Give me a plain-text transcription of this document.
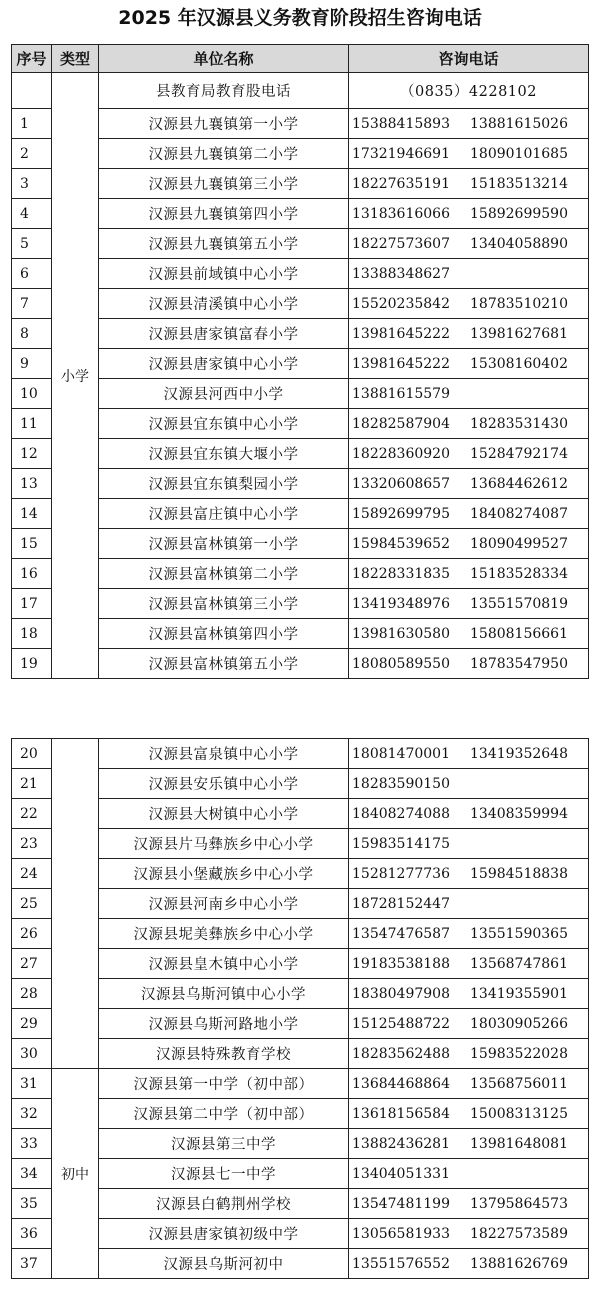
2025 年汉源县义务教育阶段招生咨询电话
序号	类型	单位名称	咨询电话
	小学	县教育局教育股电话	（0835）4228102
1		汉源县九襄镇第一小学	15388415893 13881615026
2		汉源县九襄镇第二小学	17321946691 18090101685
3		汉源县九襄镇第三小学	18227635191 15183513214
4		汉源县九襄镇第四小学	13183616066 15892699590
5		汉源县九襄镇第五小学	18227573607 13404058890
6		汉源县前域镇中心小学	13388348627
7		汉源县清溪镇中心小学	15520235842 18783510210
8		汉源县唐家镇富春小学	13981645222 13981627681
9		汉源县唐家镇中心小学	13981645222 15308160402
10		汉源县河西中小学	13881615579
11		汉源县宜东镇中心小学	18282587904 18283531430
12		汉源县宜东镇大堰小学	18228360920 15284792174
13		汉源县宜东镇梨园小学	13320608657 13684462612
14		汉源县富庄镇中心小学	15892699795 18408274087
15		汉源县富林镇第一小学	15984539652 18090499527
16		汉源县富林镇第二小学	18228331835 15183528334
17		汉源县富林镇第三小学	13419348976 13551570819
18		汉源县富林镇第四小学	13981630580 15808156661
19		汉源县富林镇第五小学	18080589550 18783547950
20		汉源县富泉镇中心小学	18081470001 13419352648
21		汉源县安乐镇中心小学	18283590150
22		汉源县大树镇中心小学	18408274088 13408359994
23		汉源县片马彝族乡中心小学	15983514175
24		汉源县小堡藏族乡中心小学	15281277736 15984518838
25		汉源县河南乡中心小学	18728152447
26		汉源县坭美彝族乡中心小学	13547476587 13551590365
27		汉源县皇木镇中心小学	19183538188 13568747861
28		汉源县乌斯河镇中心小学	18380497908 13419355901
29		汉源县乌斯河路地小学	15125488722 18030905266
30		汉源县特殊教育学校	18283562488 15983522028
31	初中	汉源县第一中学（初中部）	13684468864 13568756011
32		汉源县第二中学（初中部）	13618156584 15008313125
33		汉源县第三中学	13882436281 13981648081
34		汉源县七一中学	13404051331
35		汉源县白鹤荆州学校	13547481199 13795864573
36		汉源县唐家镇初级中学	13056581933 18227573589
37		汉源县乌斯河初中	13551576552 13881626769
